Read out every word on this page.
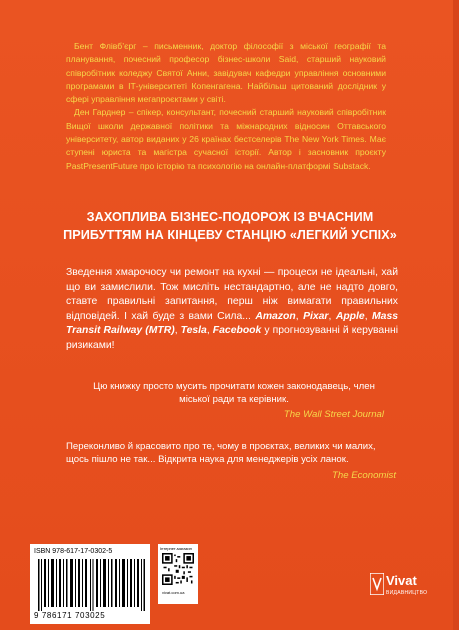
Бент Флівб’єрг – письменник, доктор філософії з міської географії та планування, почесний професор бізнес-школи Said, старший науковий співробітник коледжу Святої Анни, завідувач кафедри управління основними програмами в ІТ-університеті Копенгагена. Найбільш цитований дослідник у сфері управління мегапроєктами у світі.

Ден Гарднер – спікер, консультант, почесний старший науковий співробітник Вищої школи державної політики та міжнародних відносин Оттавського університету, автор виданих у 26 країнах бестселерів The New York Times. Має ступені юриста та магістра сучасної історії. Автор і засновник проєкту PastPresentFuture про історію та психологію на онлайн-платформі Substack.

ЗАХОПЛИВА БІЗНЕС-ПОДОРОЖ ІЗ ВЧАСНИМ ПРИБУТТЯМ НА КІНЦЕВУ СТАНЦІЮ «ЛЕГКИЙ УСПІХ»
Зведення хмарочосу чи ремонт на кухні — процеси не ідеальні, хай що ви замислили. Тож мисліть нестандартно, але не надто довго, ставте правильні запитання, перш ніж вимагати правильних відповідей. І хай буде з вами Сила... Amazon, Pixar, Apple, Mass Transit Railway (MTR), Tesla, Facebook у прогнозуванні й керуванні ризиками!
Цю книжку просто мусить прочитати кожен законодавець, член міської ради та керівник.
The Wall Street Journal
Переконливо й красовито про те, чому в проєктах, великих чи малих, щось пішло не так... Відкрита наука для менеджерів усіх ланок.
The Economist
ISBN 978-617-17-0302-5
9 786171 703025
Інтернет-магазин
vivat.com.ua
Vivat
ВИДАВНИЦТВО
